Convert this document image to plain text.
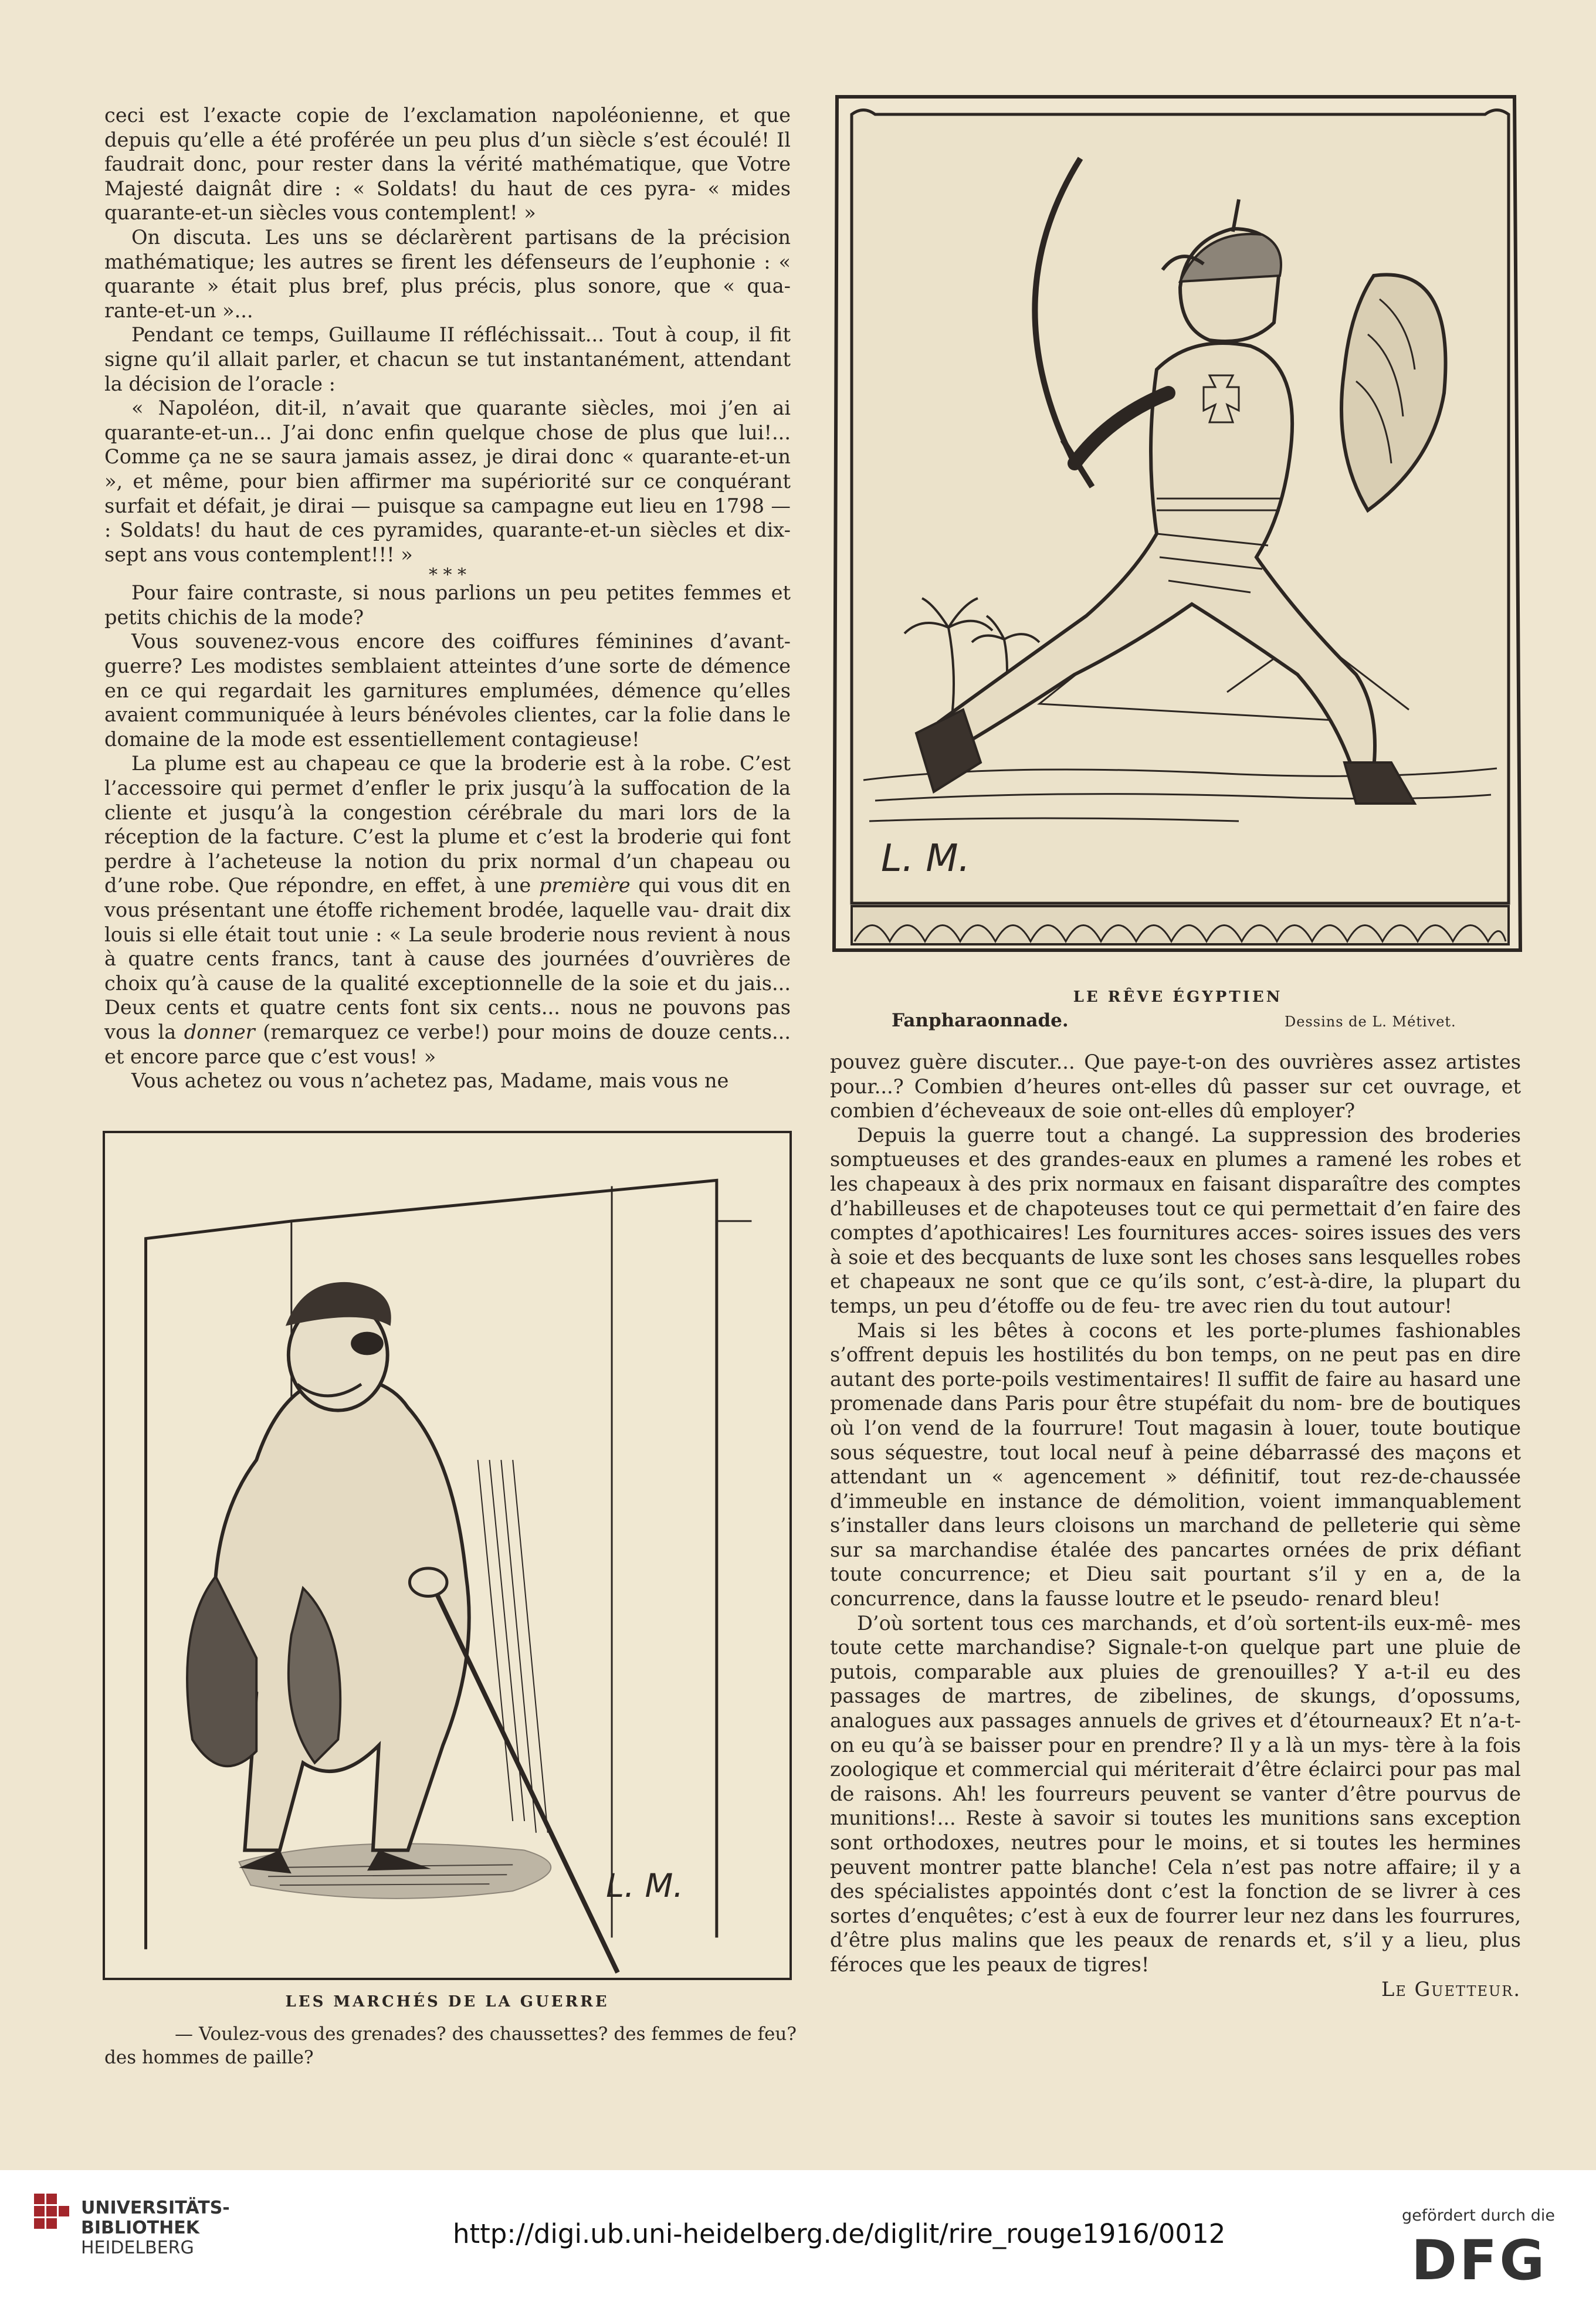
ceci est l’exacte copie de l’exclamation napoléonienne, et que depuis qu’elle a été proférée un peu plus d’un siècle s’est écoulé! Il faudrait donc, pour rester dans la vérité mathématique, que Votre Majesté daignât dire : « Soldats! du haut de ces pyra- « mides quarante-et-un siècles vous contemplent! »

On discuta. Les uns se déclarèrent partisans de la précision mathématique; les autres se firent les défenseurs de l’euphonie : « quarante » était plus bref, plus précis, plus sonore, que « qua- rante-et-un »...

Pendant ce temps, Guillaume II réfléchissait... Tout à coup, il fit signe qu’il allait parler, et chacun se tut instantanément, attendant la décision de l’oracle :

« Napoléon, dit-il, n’avait que quarante siècles, moi j’en ai quarante-et-un... J’ai donc enfin quelque chose de plus que lui!... Comme ça ne se saura jamais assez, je dirai donc « quarante-et-un », et même, pour bien affirmer ma supériorité sur ce conquérant surfait et défait, je dirai — puisque sa campagne eut lieu en 1798 — : Soldats! du haut de ces pyramides, quarante-et-un siècles et dix-sept ans vous contemplent!!! »

* * *

Pour faire contraste, si nous parlions un peu petites femmes et petits chichis de la mode?

Vous souvenez-vous encore des coiffures féminines d’avant-guerre? Les modistes semblaient atteintes d’une sorte de démence en ce qui regardait les garnitures emplumées, démence qu’elles avaient communiquée à leurs bénévoles clientes, car la folie dans le domaine de la mode est essentiellement contagieuse!

La plume est au chapeau ce que la broderie est à la robe. C’est l’accessoire qui permet d’enfler le prix jusqu’à la suffocation de la cliente et jusqu’à la congestion cérébrale du mari lors de la réception de la facture. C’est la plume et c’est la broderie qui font perdre à l’acheteuse la notion du prix normal d’un chapeau ou d’une robe. Que répondre, en effet, à une première qui vous dit en vous présentant une étoffe richement brodée, laquelle vau- drait dix louis si elle était tout unie : « La seule broderie nous revient à nous à quatre cents francs, tant à cause des journées d’ouvrières de choix qu’à cause de la qualité exceptionnelle de la soie et du jais... Deux cents et quatre cents font six cents... nous ne pouvons pas vous la donner (remarquez ce verbe!) pour moins de douze cents... et encore parce que c’est vous! »

Vous achetez ou vous n’achetez pas, Madame, mais vous ne

L. M.
LES MARCHÉS DE LA GUERRE
— Voulez-vous des grenades? des chaussettes? des femmes de feu? des hommes de paille?
L. M.
LE RÊVE ÉGYPTIEN
Fanpharaonnade.	Dessins de L. Métivet.

pouvez guère discuter... Que paye-t-on des ouvrières assez artistes pour...? Combien d’heures ont-elles dû passer sur cet ouvrage, et combien d’écheveaux de soie ont-elles dû employer?

Depuis la guerre tout a changé. La suppression des broderies somptueuses et des grandes-eaux en plumes a ramené les robes et les chapeaux à des prix normaux en faisant disparaître des comptes d’habilleuses et de chapoteuses tout ce qui permettait d’en faire des comptes d’apothicaires! Les fournitures acces- soires issues des vers à soie et des becquants de luxe sont les choses sans lesquelles robes et chapeaux ne sont que ce qu’ils sont, c’est-à-dire, la plupart du temps, un peu d’étoffe ou de feu- tre avec rien du tout autour!

Mais si les bêtes à cocons et les porte-plumes fashionables s’offrent depuis les hostilités du bon temps, on ne peut pas en dire autant des porte-poils vestimentaires! Il suffit de faire au hasard une promenade dans Paris pour être stupéfait du nom- bre de boutiques où l’on vend de la fourrure! Tout magasin à louer, toute boutique sous séquestre, tout local neuf à peine débarrassé des maçons et attendant un « agencement » définitif, tout rez-de-chaussée d’immeuble en instance de démolition, voient immanquablement s’installer dans leurs cloisons un marchand de pelleterie qui sème sur sa marchandise étalée des pancartes ornées de prix défiant toute concurrence; et Dieu sait pourtant s’il y en a, de la concurrence, dans la fausse loutre et le pseudo- renard bleu!

D’où sortent tous ces marchands, et d’où sortent-ils eux-mê- mes toute cette marchandise? Signale-t-on quelque part une pluie de putois, comparable aux pluies de grenouilles? Y a-t-il eu des passages de martres, de zibelines, de skungs, d’opossums, analogues aux passages annuels de grives et d’étourneaux? Et n’a-t-on eu qu’à se baisser pour en prendre? Il y a là un mys- tère à la fois zoologique et commercial qui mériterait d’être éclairci pour pas mal de raisons. Ah! les fourreurs peuvent se vanter d’être pourvus de munitions!... Reste à savoir si toutes les munitions sans exception sont orthodoxes, neutres pour le moins, et si toutes les hermines peuvent montrer patte blanche! Cela n’est pas notre affaire; il y a des spécialistes appointés dont c’est la fonction de se livrer à ces sortes d’enquêtes; c’est à eux de fourrer leur nez dans les fourrures, d’être plus malins que les peaux de renards et, s’il y a lieu, plus féroces que les peaux de tigres!

Le Guetteur.

UNIVERSITÄTS-
BIBLIOTHEK
HEIDELBERG	http://digi.ub.uni-heidelberg.de/diglit/rire_rouge1916/0012
gefördert durch die
DFG
